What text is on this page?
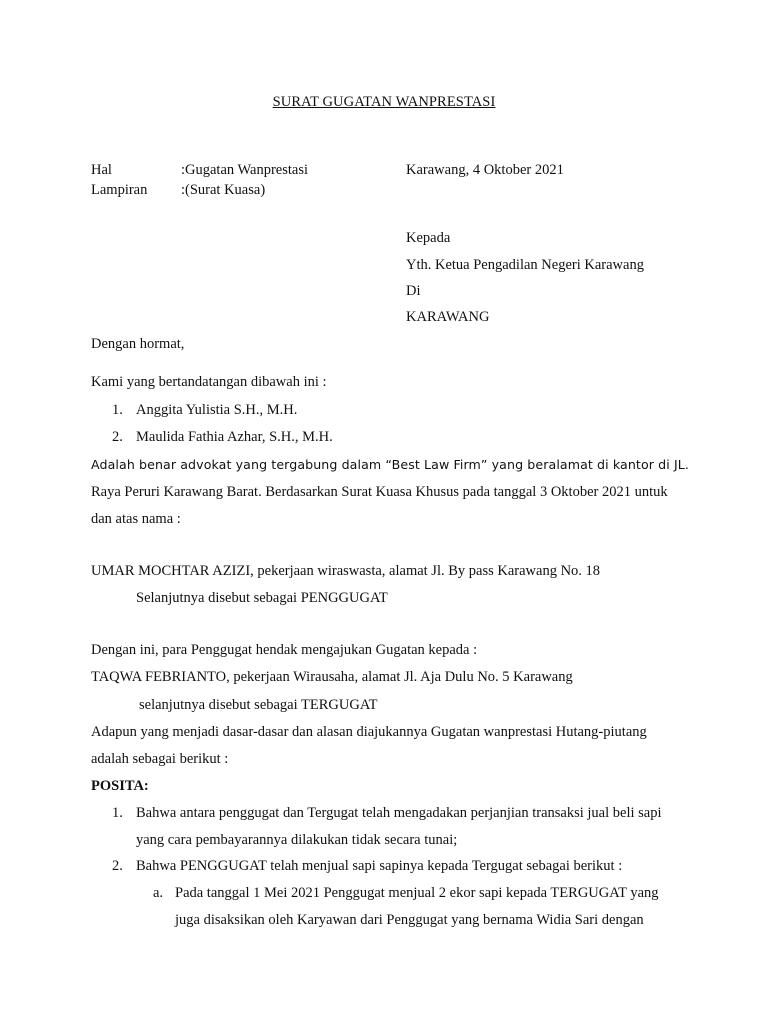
SURAT GUGATAN WANPRESTASI
Hal	:Gugatan Wanprestasi	Karawang, 4 Oktober 2021
Lampiran :(Surat Kuasa)
Kepada
Yth. Ketua Pengadilan Negeri Karawang
Di
KARAWANG
Dengan hormat,
Kami yang bertandatangan dibawah ini :
1. Anggita Yulistia S.H., M.H.
2. Maulida Fathia Azhar, S.H., M.H.
Adalah benar advokat yang tergabung dalam “Best Law Firm” yang beralamat di kantor di JL.
Raya Peruri Karawang Barat. Berdasarkan Surat Kuasa Khusus pada tanggal 3 Oktober 2021 untuk
dan atas nama :
UMAR MOCHTAR AZIZI, pekerjaan wiraswasta, alamat Jl. By pass Karawang No. 18
Selanjutnya disebut sebagai PENGGUGAT
Dengan ini, para Penggugat hendak mengajukan Gugatan kepada :
TAQWA FEBRIANTO, pekerjaan Wirausaha, alamat Jl. Aja Dulu No. 5 Karawang
selanjutnya disebut sebagai TERGUGAT
Adapun yang menjadi dasar-dasar dan alasan diajukannya Gugatan wanprestasi Hutang-piutang
adalah sebagai berikut :
POSITA:
1. Bahwa antara penggugat dan Tergugat telah mengadakan perjanjian transaksi jual beli sapi
yang cara pembayarannya dilakukan tidak secara tunai;
2. Bahwa PENGGUGAT telah menjual sapi sapinya kepada Tergugat sebagai berikut :
a. Pada tanggal 1 Mei 2021 Penggugat menjual 2 ekor sapi kepada TERGUGAT yang
juga disaksikan oleh Karyawan dari Penggugat yang bernama Widia Sari dengan
